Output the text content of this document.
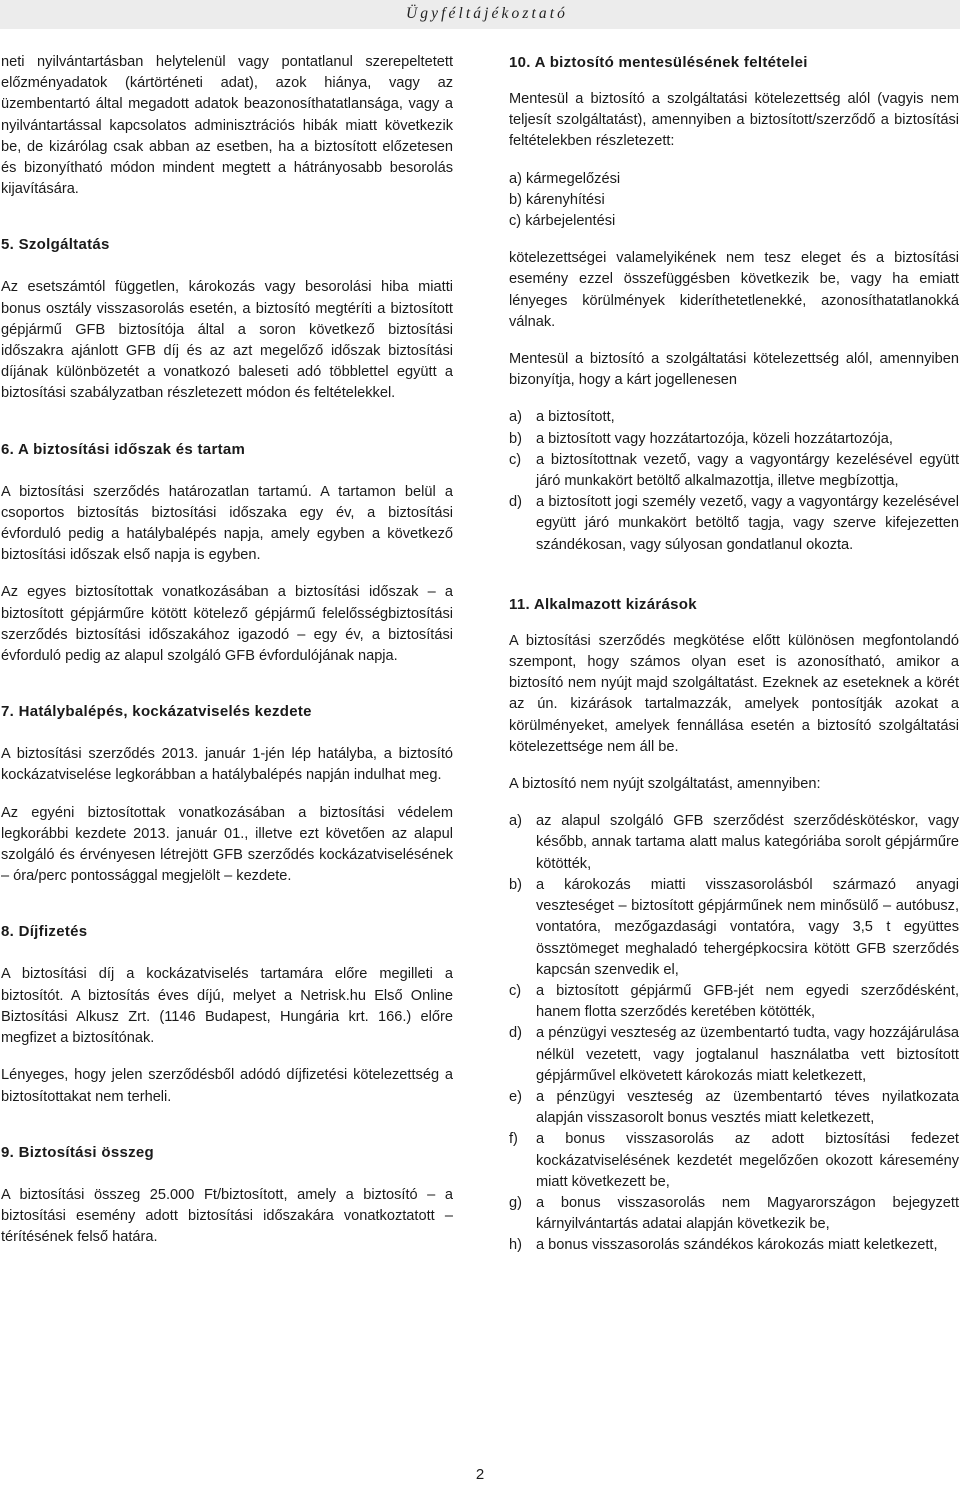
Ügyféltájékoztató

neti nyilvántartásban helytelenül vagy pontatlanul szerepeltetett előzményadatok (kártörténeti adat), azok hiánya, vagy az üzembentartó által megadott adatok beazonosíthatatlansága, vagy a nyilvántartással kapcsolatos adminisztrációs hibák miatt következik be, de kizárólag csak abban az esetben, ha a biztosított előzetesen és bizonyítható módon mindent megtett a hátrányosabb besorolás kijavítására.

5. Szolgáltatás

Az esetszámtól független, károkozás vagy besorolási hiba miatti bonus osztály visszasorolás esetén, a biztosító megtéríti a biztosított gépjármű GFB biztosítója által a soron következő biztosítási időszakra ajánlott GFB díj és az azt megelőző időszak biztosítási díjának különbözetét a vonatkozó baleseti adó többlettel együtt a biztosítási szabályzatban részletezett módon és feltételekkel.

6. A biztosítási időszak és tartam

A biztosítási szerződés határozatlan tartamú. A tartamon belül a csoportos biztosítás biztosítási időszaka egy év, a biztosítási évforduló pedig a hatálybalépés napja, amely egyben a következő biztosítási időszak első napja is egyben.

Az egyes biztosítottak vonatkozásában a biztosítási időszak – a biztosított gépjárműre kötött kötelező gépjármű felelősségbiztosítási szerződés biztosítási időszakához igazodó – egy év, a biztosítási évforduló pedig az alapul szolgáló GFB évfordulójának napja.

7. Hatálybalépés, kockázatviselés kezdete

A biztosítási szerződés 2013. január 1-jén lép hatályba, a biztosító kockázatviselése legkorábban a hatálybalépés napján indulhat meg.

Az egyéni biztosítottak vonatkozásában a biztosítási védelem legkorábbi kezdete 2013. január 01., illetve ezt követően az alapul szolgáló és érvényesen létrejött GFB szerződés kockázatviselésének – óra/perc pontossággal megjelölt – kezdete.

8. Díjfizetés

A biztosítási díj a kockázatviselés tartamára előre megilleti a biztosítót. A biztosítás éves díjú, melyet a Netrisk.hu Első Online Biztosítási Alkusz Zrt. (1146 Budapest, Hungária krt. 166.) előre megfizet a biztosítónak.

Lényeges, hogy jelen szerződésből adódó díjfizetési kötelezettség a biztosítottakat nem terheli.

9. Biztosítási összeg

A biztosítási összeg 25.000 Ft/biztosított, amely a biztosító – a biztosítási esemény adott biztosítási időszakára vonatkoztatott – térítésének felső határa.

10. A biztosító mentesülésének feltételei

Mentesül a biztosító a szolgáltatási kötelezettség alól (vagyis nem teljesít szolgáltatást), amennyiben a biztosított/szerződő a biztosítási feltételekben részletezett:

a) kármegelőzési
b) kárenyhítési
c) kárbejelentési

kötelezettségei valamelyikének nem tesz eleget és a biztosítási esemény ezzel összefüggésben következik be, vagy ha emiatt lényeges körülmények kideríthetetlenekké, azonosíthatatlanokká válnak.

Mentesül a biztosító a szolgáltatási kötelezettség alól, amennyiben bizonyítja, hogy a kárt jogellenesen

a) a biztosított,
b) a biztosított vagy hozzátartozója, közeli hozzátartozója,
c)	a biztosítottnak vezető, vagy a vagyontárgy kezelésével együtt járó munkakört betöltő alkalmazottja, illetve megbízottja,
d) a biztosított jogi személy vezető, vagy a vagyontárgy kezelésével együtt járó munkakört betöltő tagja, vagy szerve kifejezetten szándékosan, vagy súlyosan gondatlanul okozta.

11. Alkalmazott kizárások

A biztosítási szerződés megkötése előtt különösen megfontolandó szempont, hogy számos olyan eset is azonosítható, amikor a biztosító nem nyújt majd szolgáltatást. Ezeknek az eseteknek a körét az ún. kizárások tartalmazzák, amelyek pontosítják azokat a körülményeket, amelyek fennállása esetén a biztosító szolgáltatási kötelezettsége nem áll be.

A biztosító nem nyújt szolgáltatást, amennyiben:

a) az alapul szolgáló GFB szerződést szerződéskötéskor, vagy később, annak tartama alatt malus kategóriába sorolt gépjárműre kötötték,
b) a károkozás miatti visszasorolásból származó anyagi veszteséget – biztosított gépjárműnek nem minősülő – autóbusz, vontatóra, mezőgazdasági vontatóra, vagy 3,5 t együttes össztömeget meghaladó tehergépkocsira kötött GFB szerződés kapcsán szenvedik el,
c)	a biztosított gépjármű GFB-jét nem egyedi szerződésként, hanem flotta szerződés keretében kötötték,
d) a pénzügyi veszteség az üzembentartó tudta, vagy hozzájárulása nélkül vezetett, vagy jogtalanul használatba vett biztosított gépjárművel elkövetett károkozás miatt keletkezett,
e) a pénzügyi veszteség az üzembentartó téves nyilatkozata alapján visszasorolt bonus vesztés miatt keletkezett,
f)	a bonus visszasorolás az adott biztosítási fedezet kockázatviselésének kezdetét megelőzően okozott káresemény miatt következett be,
g) a bonus visszasorolás nem Magyarországon bejegyzett kárnyilvántartás adatai alapján következik be,
h) a bonus visszasorolás szándékos károkozás miatt keletkezett,
2
